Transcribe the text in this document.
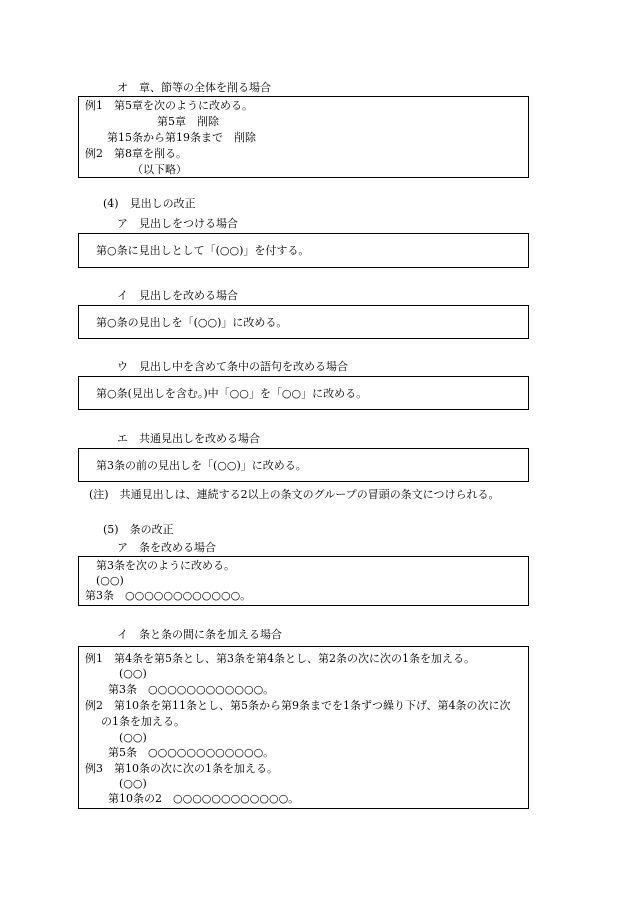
オ　章、節等の全体を削る場合
例1　第5章を次のように改める。
第5章　削除
第15条から第19条まで　削除
例2　第8章を削る。
（以下略）
(4)　見出しの改正
ア　見出しをつける場合
第○条に見出しとして「(○○)」を付する。
イ　見出しを改める場合
第○条の見出しを「(○○)」に改める。
ウ　見出し中を含めて条中の語句を改める場合
第○条(見出しを含む。)中「○○」を「○○」に改める。
エ　共通見出しを改める場合
第3条の前の見出しを「(○○)」に改める。
(注)　共通見出しは、連続する2以上の条文のグループの冒頭の条文につけられる。
(5)　条の改正
ア　条を改める場合
第3条を次のように改める。
(○○)
第3条　○○○○○○○○○○○○。
イ　条と条の間に条を加える場合
例1　第4条を第5条とし、第3条を第4条とし、第2条の次に次の1条を加える。
(○○)
第3条　○○○○○○○○○○○○。
例2　第10条を第11条とし、第5条から第9条までを1条ずつ繰り下げ、第4条の次に次
の1条を加える。
(○○)
第5条　○○○○○○○○○○○○。
例3　第10条の次に次の1条を加える。
(○○)
第10条の2　○○○○○○○○○○○○。
